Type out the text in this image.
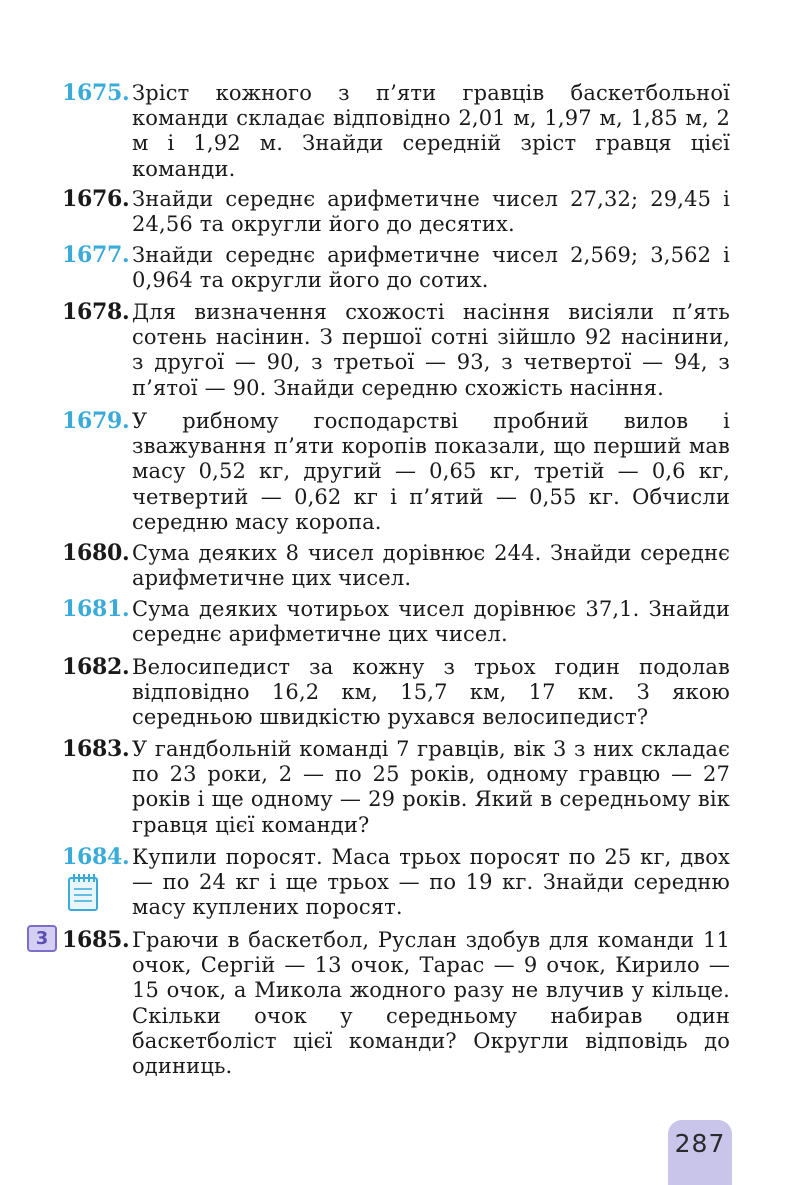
1675. Зріст кожного з п’яти гравців баскетбольної команди складає відповідно 2,01 м, 1,97 м, 1,85 м, 2 м і 1,92 м. Знайди середній зріст гравця цієї команди.
1676. Знайди середнє арифметичне чисел 27,32; 29,45 і 24,56 та округли його до десятих.
1677. Знайди середнє арифметичне чисел 2,569; 3,562 і 0,964 та округли його до сотих.
1678. Для визначення схожості насіння висіяли п’ять сотень насінин. З першої сотні зійшло 92 насінини, з другої — 90, з третьої — 93, з четвертої — 94, з п’ятої — 90. Знайди середню схожість насіння.
1679. У рибному господарстві пробний вилов і зважування п’яти коропів показали, що перший мав масу 0,52 кг, другий — 0,65 кг, третій — 0,6 кг, четвертий — 0,62 кг і п’ятий — 0,55 кг. Обчисли середню масу коропа.
1680. Сума деяких 8 чисел дорівнює 244. Знайди середнє арифметичне цих чисел.
1681. Сума деяких чотирьох чисел дорівнює 37,1. Знайди середнє арифметичне цих чисел.
1682. Велосипедист за кожну з трьох годин подолав відповідно 16,2 км, 15,7 км, 17 км. З якою середньою швидкістю рухався велосипедист?
1683. У гандбольній команді 7 гравців, вік 3 з них складає по 23 роки, 2 — по 25 років, одному гравцю — 27 років і ще одному — 29 років. Який в середньому вік гравця цієї команди?
1684. Купили поросят. Маса трьох поросят по 25 кг, двох — по 24 кг і ще трьох — по 19 кг. Знайди середню масу куплених поросят.
1685. Граючи в баскетбол, Руслан здобув для команди 11 очок, Сергій — 13 очок, Тарас — 9 очок, Кирило — 15 очок, а Микола жодного разу не влучив у кільце. Скільки очок у середньому набирав один баскетболіст цієї команди? Округли відповідь до одиниць.
3
287
